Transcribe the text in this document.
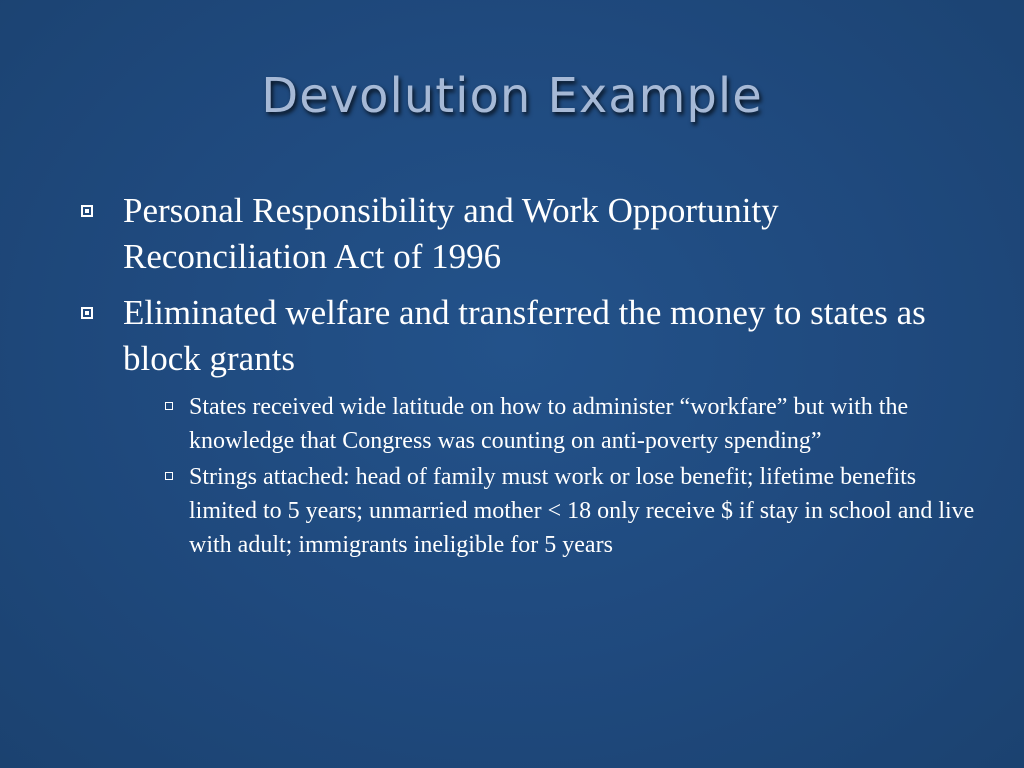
Devolution Example
Personal Responsibility and Work Opportunity Reconciliation Act of 1996
Eliminated welfare and transferred the money to states as block grants
States received wide latitude on how to administer “workfare” but with the knowledge that Congress was counting on anti-poverty spending”
Strings attached: head of family must work or lose benefit; lifetime benefits limited to 5 years; unmarried mother < 18 only receive $ if stay in school and live with adult; immigrants ineligible for 5 years
